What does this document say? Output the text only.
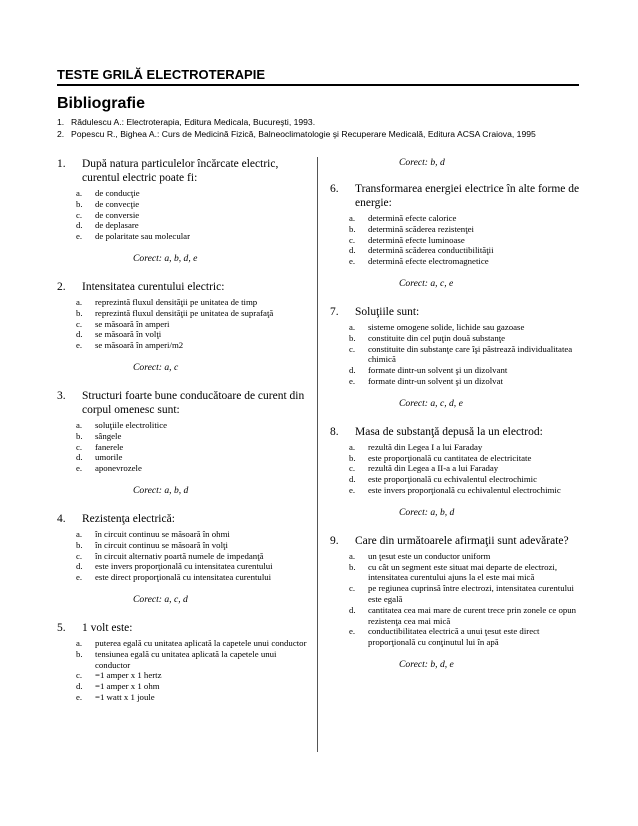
TESTE GRILĂ ELECTROTERAPIE
Bibliografie
1. Rădulescu A.: Electroterapia, Editura Medicala, Bucureşti, 1993.
2. Popescu R., Bighea A.: Curs de Medicină Fizică, Balneoclimatologie şi Recuperare Medicală, Editura ACSA Craiova, 1995
1.	După natura particulelor încărcate electric, curentul electric poate fi:
a.	de conducţie
b.	de convecţie
c.	de conversie
d.	de deplasare
e.	de polaritate sau molecular
Corect: a, b, d, e
2.	Intensitatea curentului electric:
a.	reprezintă fluxul densităţii pe unitatea de timp
b.	reprezintă fluxul densităţii pe unitatea de suprafaţă
c.	se măsoară în amperi
d.	se măsoară în volţi
e.	se măsoară în amperi/m2
Corect: a, c
3.	Structuri foarte bune conducătoare de curent din corpul omenesc sunt:
a.	soluţiile electrolitice
b.	sângele
c.	fanerele
d.	umorile
e.	aponevrozele
Corect: a, b, d
4.	Rezistenţa electrică:
a.	în circuit continuu se măsoară în ohmi
b.	în circuit continuu se măsoară în volţi
c.	în circuit alternativ poartă numele de impedanţă
d.	este invers proporţională cu intensitatea curentului
e.	este direct proporţională cu intensitatea curentului
Corect: a, c, d
5.	1 volt este:
a.	puterea egală cu unitatea aplicată la capetele unui conductor
b.	tensiunea egală cu unitatea aplicată la capetele unui conductor
c.	=1 amper x 1 hertz
d.	=1 amper x 1 ohm
e.	=1 watt x 1 joule
Corect: b, d
6.	Transformarea energiei electrice în alte forme de energie:
a.	determină efecte calorice
b.	determină scăderea rezistenţei
c.	determină efecte luminoase
d.	determină scăderea conductibilităţii
e.	determină efecte electromagnetice
Corect: a, c, e
7.	Soluţiile sunt:
a.	sisteme omogene solide, lichide sau gazoase
b.	constituite din cel puţin două substanţe
c.	constituite din substanţe care îşi păstrează individualitatea chimică
d.	formate dintr-un solvent şi un dizolvant
e.	formate dintr-un solvent şi un dizolvat
Corect: a, c, d, e
8.	Masa de substanţă depusă la un electrod:
a.	rezultă din Legea I a lui Faraday
b.	este proporţională cu cantitatea de electricitate
c.	rezultă din Legea a II-a a lui Faraday
d.	este proporţională cu echivalentul electrochimic
e.	este invers proporţională cu echivalentul electrochimic
Corect: a, b, d
9.	Care din următoarele afirmaţii sunt adevărate?
a.	un ţesut este un conductor uniform
b.	cu cât un segment este situat mai departe de electrozi, intensitatea curentului ajuns la el este mai mică
c.	pe regiunea cuprinsă între electrozi, intensitatea curentului este egală
d.	cantitatea cea mai mare de curent trece prin zonele ce opun rezistenţa cea mai mică
e.	conductibilitatea electrică a unui ţesut este direct proporţională cu conţinutul lui în apă
Corect: b, d, e
